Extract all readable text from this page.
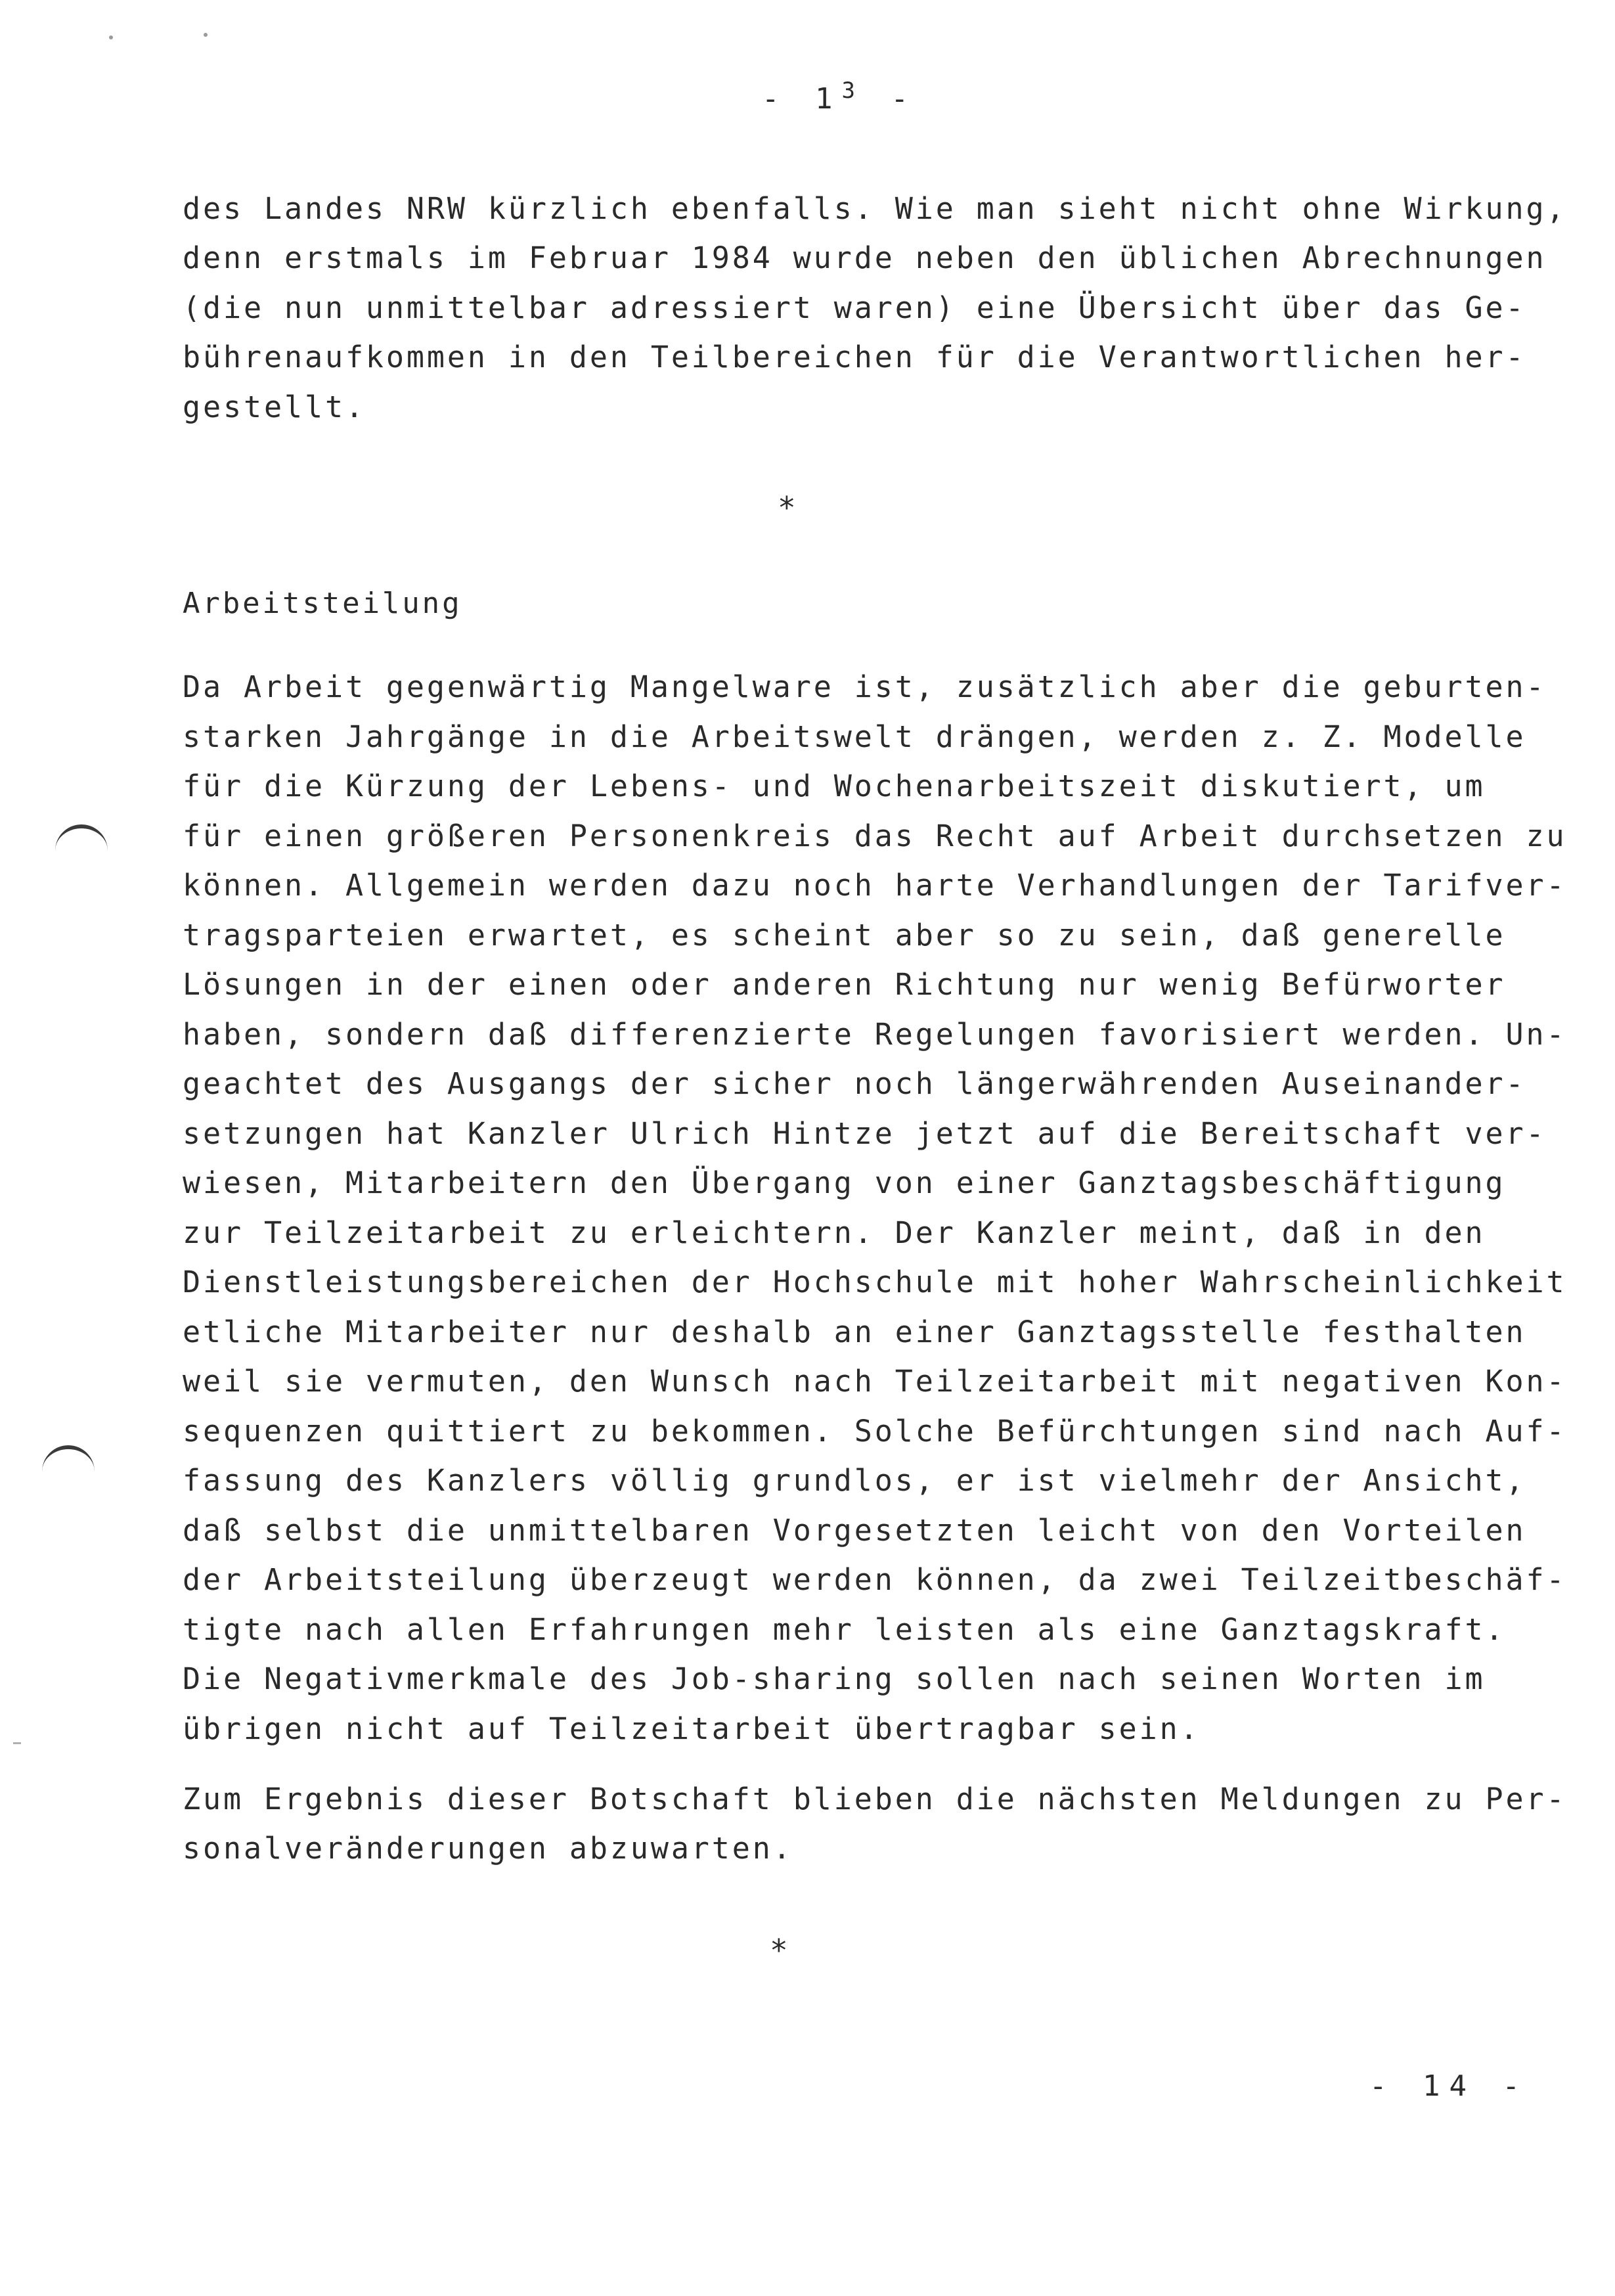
- $1^3$ -
des Landes NRW kürzlich ebenfalls. Wie man sieht nicht ohne Wirkung,
denn erstmals im Februar 1984 wurde neben den üblichen Abrechnungen
(die nun unmittelbar adressiert waren) eine Übersicht über das Ge-
bührenaufkommen in den Teilbereichen für die Verantwortlichen her-
gestellt.
*
Arbeitsteilung
Da Arbeit gegenwärtig Mangelware ist, zusätzlich aber die geburten-
starken Jahrgänge in die Arbeitswelt drängen, werden z. Z. Modelle
für die Kürzung der Lebens- und Wochenarbeitszeit diskutiert, um
für einen größeren Personenkreis das Recht auf Arbeit durchsetzen zu
können. Allgemein werden dazu noch harte Verhandlungen der Tarifver-
tragsparteien erwartet, es scheint aber so zu sein, daß generelle
Lösungen in der einen oder anderen Richtung nur wenig Befürworter
haben, sondern daß differenzierte Regelungen favorisiert werden. Un-
geachtet des Ausgangs der sicher noch längerwährenden Auseinander-
setzungen hat Kanzler Ulrich Hintze jetzt auf die Bereitschaft ver-
wiesen, Mitarbeitern den Übergang von einer Ganztagsbeschäftigung
zur Teilzeitarbeit zu erleichtern. Der Kanzler meint, daß in den
Dienstleistungsbereichen der Hochschule mit hoher Wahrscheinlichkeit
etliche Mitarbeiter nur deshalb an einer Ganztagsstelle festhalten
weil sie vermuten, den Wunsch nach Teilzeitarbeit mit negativen Kon-
sequenzen quittiert zu bekommen. Solche Befürchtungen sind nach Auf-
fassung des Kanzlers völlig grundlos, er ist vielmehr der Ansicht,
daß selbst die unmittelbaren Vorgesetzten leicht von den Vorteilen
der Arbeitsteilung überzeugt werden können, da zwei Teilzeitbeschäf-
tigte nach allen Erfahrungen mehr leisten als eine Ganztagskraft.
Die Negativmerkmale des Job-sharing sollen nach seinen Worten im
übrigen nicht auf Teilzeitarbeit übertragbar sein.
Zum Ergebnis dieser Botschaft blieben die nächsten Meldungen zu Per-
sonalveränderungen abzuwarten.
*
- 14 -
